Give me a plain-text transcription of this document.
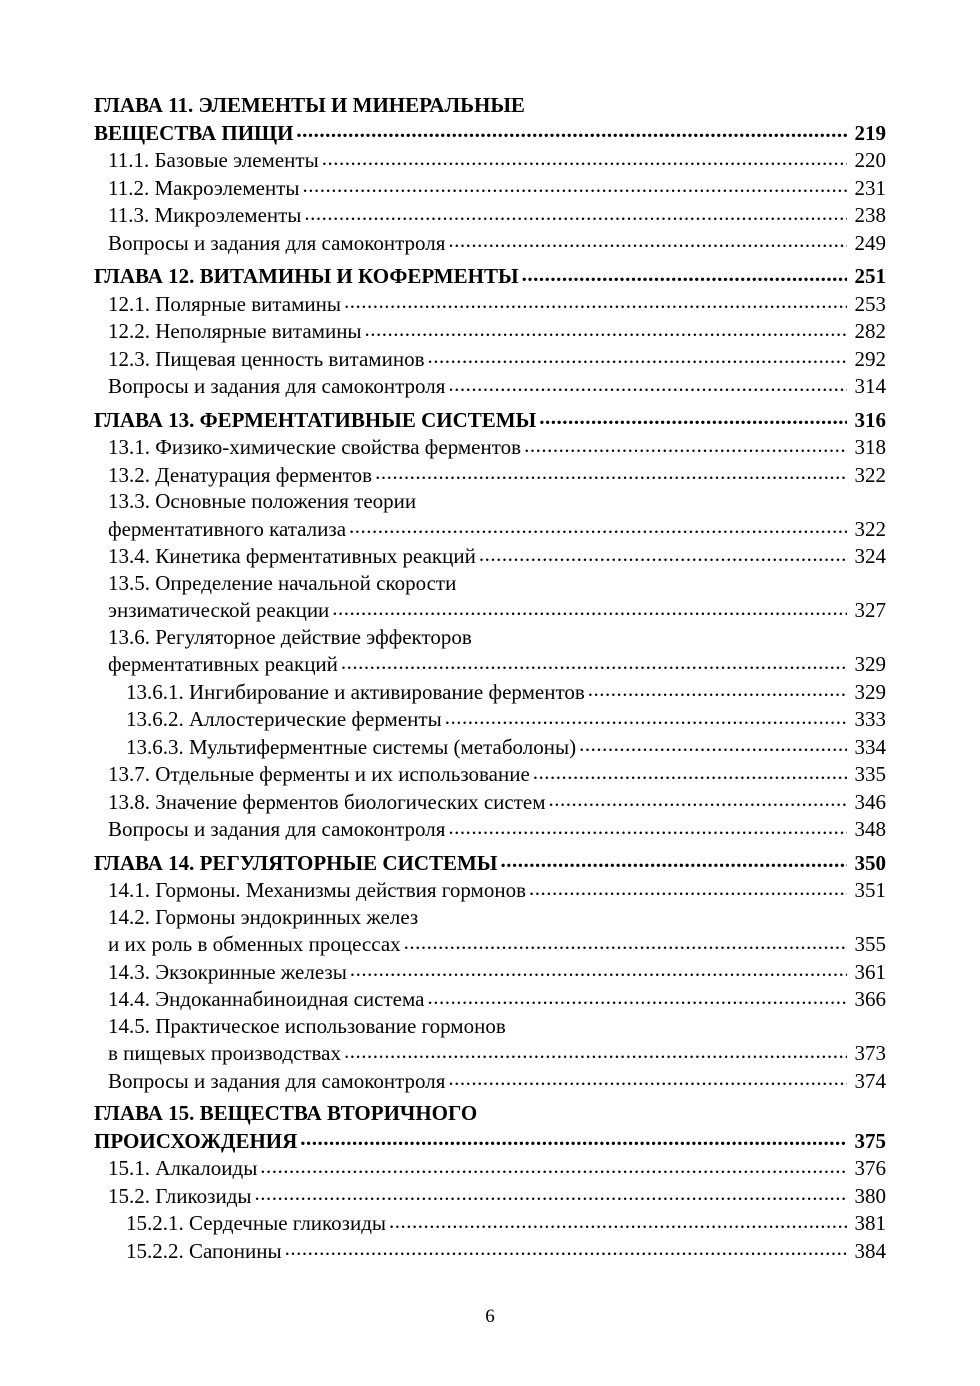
ГЛАВА 11. ЭЛЕМЕНТЫ И МИНЕРАЛЬНЫЕ
ВЕЩЕСТВА ПИЩИ .....	219
11.1. Базовые элементы .....	220
11.2. Макроэлементы .....	231
11.3. Микроэлементы .....	238
Вопросы и задания для самоконтроля .....	249
ГЛАВА 12. ВИТАМИНЫ И КОФЕРМЕНТЫ .....	251
12.1. Полярные витамины .....	253
12.2. Неполярные витамины .....	282
12.3. Пищевая ценность витаминов .....	292
Вопросы и задания для самоконтроля .....	314
ГЛАВА 13. ФЕРМЕНТАТИВНЫЕ СИСТЕМЫ .....	316
13.1. Физико-химические свойства ферментов .....	318
13.2. Денатурация ферментов .....	322
13.3. Основные положения теории
ферментативного катализа .....	322
13.4. Кинетика ферментативных реакций .....	324
13.5. Определение начальной скорости
энзиматической реакции .....	327
13.6. Регуляторное действие эффекторов
ферментативных реакций .....	329
13.6.1. Ингибирование и активирование ферментов .....	329
13.6.2. Аллостерические ферменты .....	333
13.6.3. Мультиферментные системы (метаболоны) .....	334
13.7. Отдельные ферменты и их использование .....	335
13.8. Значение ферментов биологических систем .....	346
Вопросы и задания для самоконтроля .....	348
ГЛАВА 14. РЕГУЛЯТОРНЫЕ СИСТЕМЫ .....	350
14.1. Гормоны. Механизмы действия гормонов .....	351
14.2. Гормоны эндокринных желез
и их роль в обменных процессах .....	355
14.3. Экзокринные железы .....	361
14.4. Эндоканнабиноидная система .....	366
14.5. Практическое использование гормонов
в пищевых производствах .....	373
Вопросы и задания для самоконтроля .....	374
ГЛАВА 15. ВЕЩЕСТВА ВТОРИЧНОГО
ПРОИСХОЖДЕНИЯ .....	375
15.1. Алкалоиды .....	376
15.2. Гликозиды .....	380
15.2.1. Сердечные гликозиды .....	381
15.2.2. Сапонины .....	384
6
